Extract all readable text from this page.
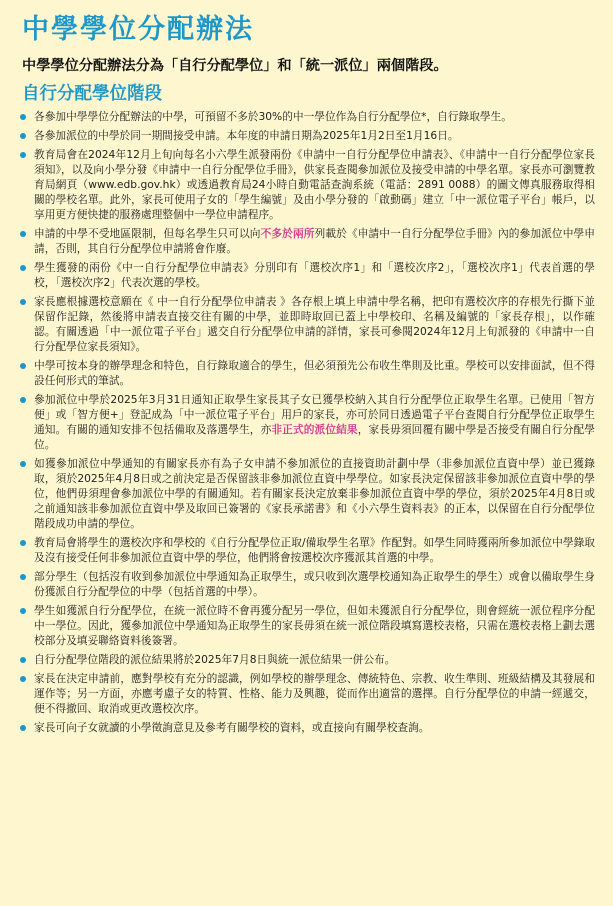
中學學位分配辦法
中學學位分配辦法分為「自行分配學位」和「統一派位」兩個階段。
自行分配學位階段
各參加中學學位分配辦法的中學，可預留不多於30%的中一學位作為自行分配學位*，自行錄取學生。
各參加派位的中學於同一期間接受申請。本年度的申請日期為2025年1月2日至1月16日。
教育局會在2024年12月上旬向每名小六學生派發兩份《申請中一自行分配學位申請表》、《申請中一自行分配學位家長須知》，以及向小學分發《申請中一自行分配學位手冊》，供家長查閱參加派位及接受申請的中學名單。家長亦可瀏覽教育局網頁（www.edb.gov.hk）或透過教育局24小時自動電話查詢系統（電話：2891 0088）的圖文傳真服務取得相關的學校名單。此外，家長可使用子女的「學生編號」及由小學分發的「啟動碼」建立「中一派位電子平台」帳戶，以享用更方便快捷的服務處理整個中一學位申請程序。
申請的中學不受地區限制，但每名學生只可以向不多於兩所列載於《申請中一自行分配學位手冊》內的參加派位中學申請，否則，其自行分配學位申請將會作廢。
學生獲發的兩份《中一自行分配學位申請表》分別印有「選校次序1」和「選校次序2」，「選校次序1」代表首選的學校，「選校次序2」代表次選的學校。
家長應根據選校意願在《 中一自行分配學位申請表 》各存根上填上申請中學名稱，把印有選校次序的存根先行撕下並保留作記錄，然後將申請表直接交往有關的中學，並即時取回已蓋上中學校印、名稱及編號的「家長存根」，以作確認。有關透過「中一派位電子平台」遞交自行分配學位申請的詳情，家長可參閱2024年12月上旬派發的《申請中一自行分配學位家長須知》。
中學可按本身的辦學理念和特色，自行錄取適合的學生，但必須預先公布收生準則及比重。學校可以安排面試，但不得設任何形式的筆試。
參加派位中學於2025年3月31日通知正取學生家長其子女已獲學校納入其自行分配學位正取學生名單。已使用「智方便」或「智方便+」登記成為「中一派位電子平台」用戶的家長，亦可於同日透過電子平台查閱自行分配學位正取學生通知。有關的通知安排不包括備取及落選學生，亦非正式的派位結果，家長毋須回覆有關中學是否接受有關自行分配學位。
如獲參加派位中學通知的有關家長亦有為子女申請不參加派位的直接資助計劃中學（非參加派位直資中學）並已獲錄取，須於2025年4月8日或之前決定是否保留該非參加派位直資中學學位。如家長決定保留該非參加派位直資中學的學位，他們毋須理會參加派位中學的有關通知。若有關家長決定放棄非參加派位直資中學的學位，須於2025年4月8日或之前通知該非參加派位直資中學及取回已簽署的《家長承諾書》和《小六學生資料表》的正本，以保留在自行分配學位階段成功申請的學位。
教育局會將學生的選校次序和學校的《自行分配學位正取/備取學生名單》作配對。如學生同時獲兩所參加派位中學錄取及沒有接受任何非參加派位直資中學的學位，他們將會按選校次序獲派其首選的中學。
部分學生（包括沒有收到參加派位中學通知為正取學生，或只收到次選學校通知為正取學生的學生）或會以備取學生身份獲派自行分配學位的中學（包括首選的中學）。
學生如獲派自行分配學位，在統一派位時不會再獲分配另一學位，但如未獲派自行分配學位，則會經統一派位程序分配中一學位。因此，獲參加派位中學通知為正取學生的家長毋須在統一派位階段填寫選校表格，只需在選校表格上劃去選校部分及填妥聯絡資料後簽署。
自行分配學位階段的派位結果將於2025年7月8日與統一派位結果一併公布。
家長在決定申請前，應對學校有充分的認識，例如學校的辦學理念、傳統特色、宗教、收生準則、班級結構及其發展和運作等；另一方面，亦應考慮子女的特質、性格、能力及興趣，從而作出適當的選擇。自行分配學位的申請一經遞交，便不得撤回、取消或更改選校次序。
家長可向子女就讀的小學徵詢意見及參考有關學校的資料，或直接向有關學校查詢。
